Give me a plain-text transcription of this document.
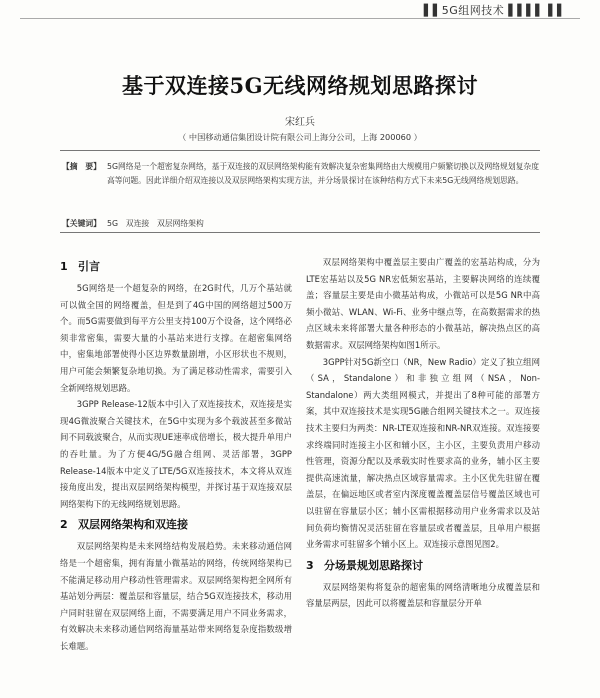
▌▌5G组网技术 ▌▌▌▌ ▌▌
基于双连接5G无线网络规划思路探讨
宋红兵
（ 中国移动通信集团设计院有限公司上海分公司，上海 200060 ）
【摘　要】 5G网络是一个超密复杂网络，基于双连接的双层网络架构能有效解决复杂密集网络由大规模用户频繁切换以及网络规划复杂度高等问题。因此详细介绍双连接以及双层网络架构实现方法，并分场景探讨在该种结构方式下未来5G无线网络规划思路。
【关键词】 5G　双连接　双层网络架构
1 引言

5G网络是一个超复杂的网络，在2G时代，几万个基站就可以做全国的网络覆盖，但是到了4G中国的网络超过500万个。而5G需要做到每平方公里支持100万个设备，这个网络必须非常密集，需要大量的小基站来进行支撑。在超密集网络中，密集地部署使得小区边界数量剧增，小区形状也不规则，用户可能会频繁复杂地切换。为了满足移动性需求，需要引入全新网络规划思路。

3GPP Release-12版本中引入了双连接技术，双连接是实现4G微波聚合关键技术，在5G中实现为多个载波甚至多微站间不同载波聚合，从而实现UE速率成倍增长，极大提升单用户的吞吐量。为了方便4G/5G融合组网、灵活部署，3GPP Release-14版本中定义了LTE/5G双连接技术，本文将从双连接角度出发，提出双层网络架构模型，并探讨基于双连接双层网络架构下的无线网络规划思路。

2 双层网络架构和双连接

双层网络架构是未来网络结构发展趋势。未来移动通信网络是一个超密集，拥有海量小微基站的网络，传统网络架构已不能满足移动用户移动性管理需求。双层网络架构把全网所有基站划分两层：覆盖层和容量层，结合5G双连接技术，移动用户同时驻留在双层网络上面，不需要满足用户不同业务需求，有效解决未来移动通信网络海量基站带来网络复杂度指数级增长难题。

双层网络架构中覆盖层主要由广覆盖的宏基站构成，分为LTE宏基站以及5G NR宏低频宏基站，主要解决网络的连续覆盖；容量层主要是由小微基站构成，小微站可以是5G NR中高频小微站、WLAN、Wi-Fi、业务中继点等，在高数据需求的热点区域未来将部署大量各种形态的小微基站，解决热点区的高数据需求。双层网络架构如图1所示。

3GPP针对5G新空口（NR，New Radio）定义了独立组网（SA，Standalone）和非独立组网（NSA，Non-Standalone）两大类组网模式，并提出了8种可能的部署方案，其中双连接技术是实现5G融合组网关键技术之一。双连接技术主要归为两类：NR-LTE双连接和NR-NR双连接。双连接要求终端同时连接主小区和辅小区，主小区，主要负责用户移动性管理，资源分配以及承载实时性要求高的业务，辅小区主要提供高速流量，解决热点区域容量需求。主小区优先驻留在覆盖层，在偏远地区或者室内深度覆盖覆盖层信号覆盖区域也可以驻留在容量层小区；辅小区需根据移动用户业务需求以及站间负荷均衡情况灵活驻留在容量层或者覆盖层，且单用户根据业务需求可驻留多个辅小区上。双连接示意图见图2。

3 分场景规划思路探讨

双层网络架构将复杂的超密集的网络清晰地分成覆盖层和容量层两层，因此可以将覆盖层和容量层分开单
